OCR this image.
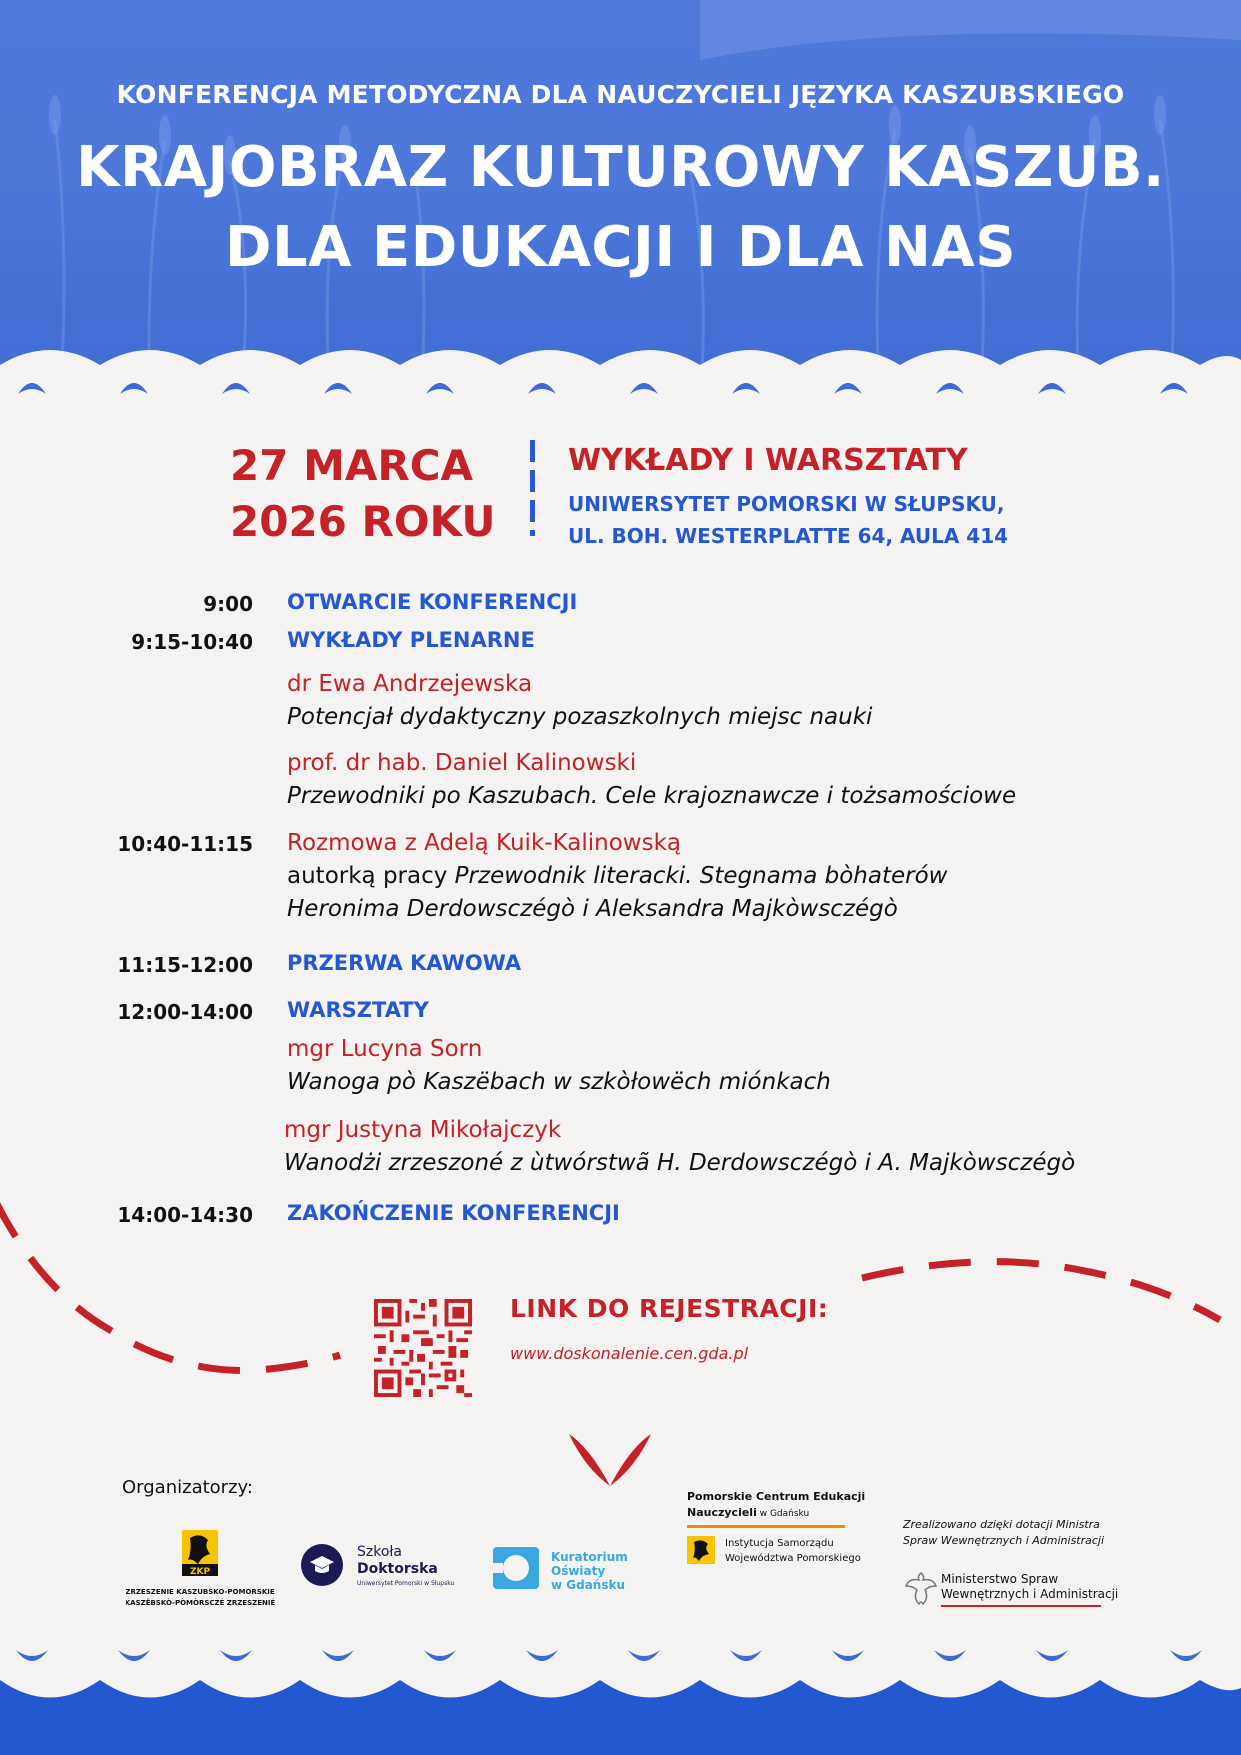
KONFERENCJA METODYCZNA DLA NAUCZYCIELI JĘZYKA KASZUBSKIEGO
KRAJOBRAZ KULTUROWY KASZUB.
DLA EDUKACJI I DLA NAS
27 MARCA
2026 ROKU
WYKŁADY I WARSZTATY
UNIWERSYTET POMORSKI W SŁUPSKU,
UL. BOH. WESTERPLATTE 64, AULA 414
9:00 OTWARCIE KONFERENCJI
9:15-10:40 WYKŁADY PLENARNE
dr Ewa Andrzejewska
Potencjał dydaktyczny pozaszkolnych miejsc nauki
prof. dr hab. Daniel Kalinowski
Przewodniki po Kaszubach. Cele krajoznawcze i tożsamościowe
10:40-11:15 Rozmowa z Adelą Kuik-Kalinowską
autorką pracy Przewodnik literacki. Stegnama bòhaterów
Heronima Derdowsczégò i Aleksandra Majkòwsczégò
11:15-12:00 PRZERWA KAWOWA
12:00-14:00 WARSZTATY
mgr Lucyna Sorn
Wanoga pò Kaszëbach w szkòłowëch miónkach
mgr Justyna Mikołajczyk
Wanodżi zrzeszoné z ùtwórstwã H. Derdowsczégò i A. Majkòwsczégò
14:00-14:30 ZAKOŃCZENIE KONFERENCJI
LINK DO REJESTRACJI:
www.doskonalenie.cen.gda.pl
Organizatorzy:
ZKP
ZRZESZENIE KASZUBSKO-POMORSKIE
KASZËBSKÒ-PÒMÒRSCZÉ ZRZESZENIÉ
Szkoła
Doktorska
Uniwersytet Pomorski w Słupsku
Kuratorium
Oświaty
w Gdańsku
Pomorskie Centrum Edukacji
Nauczycieli w Gdańsku
Instytucja Samorządu
Województwa Pomorskiego
Zrealizowano dzięki dotacji Ministra
Spraw Wewnętrznych i Administracji
Ministerstwo Spraw
Wewnętrznych i Administracji
